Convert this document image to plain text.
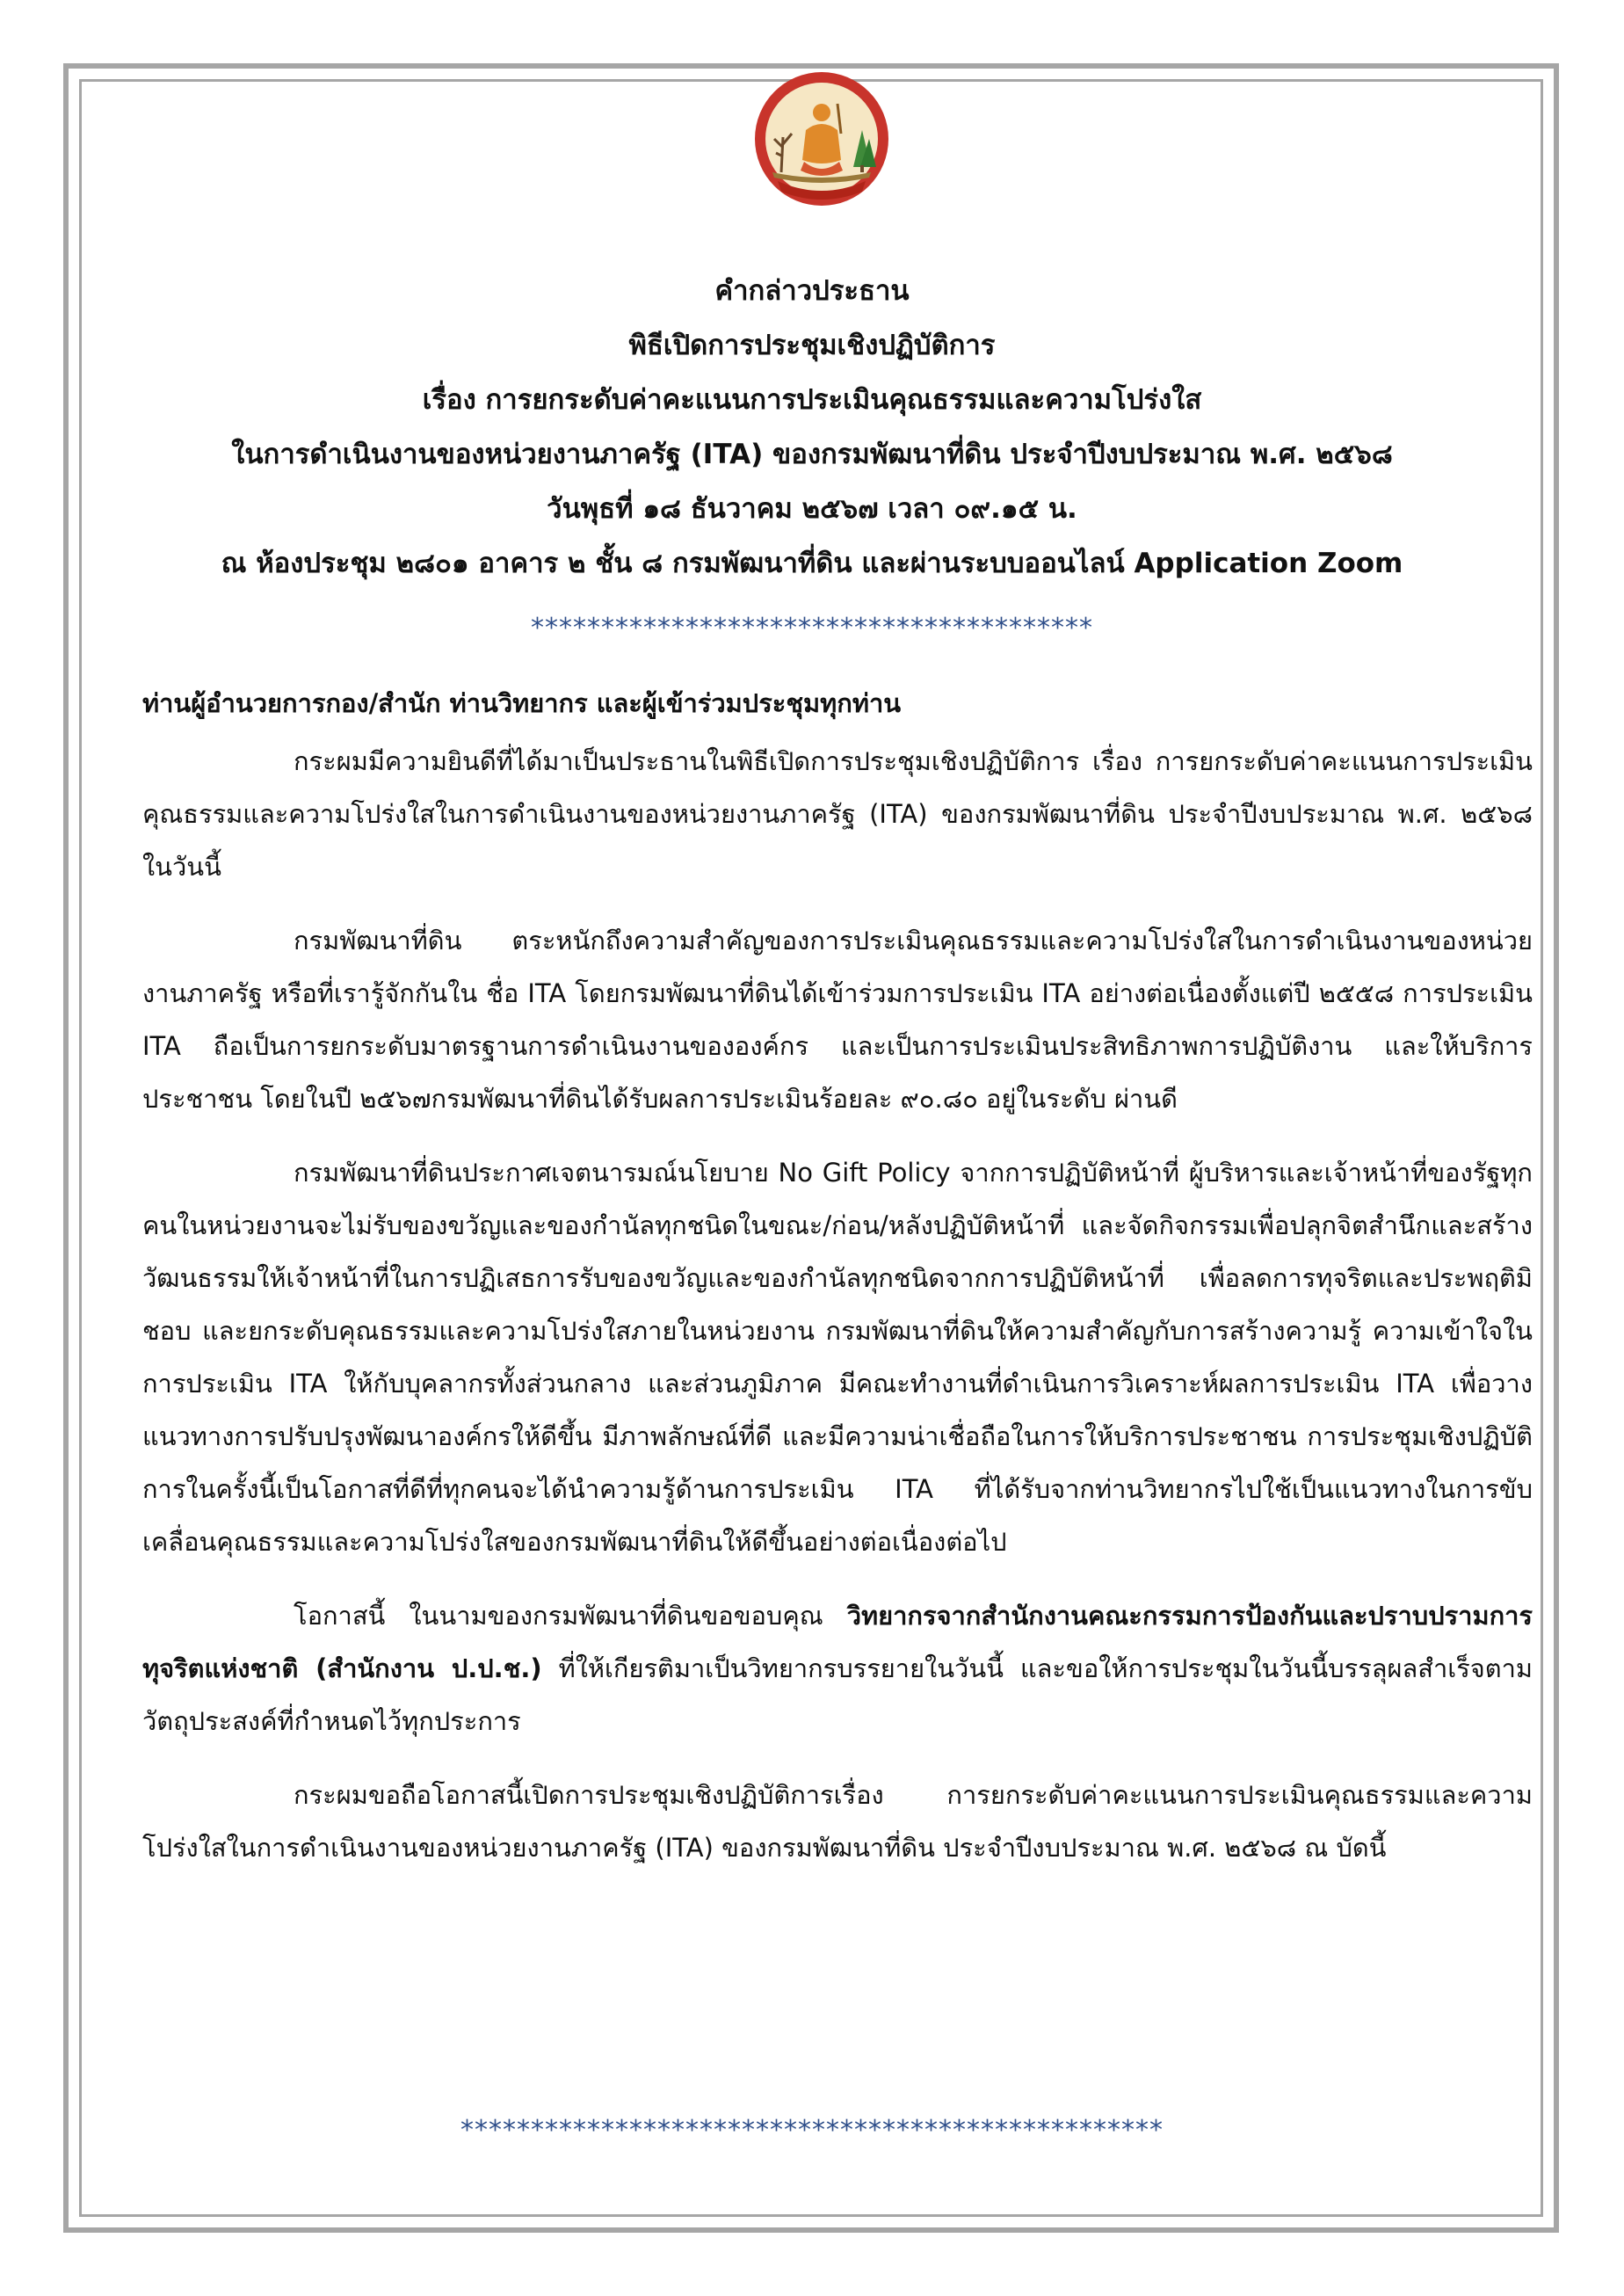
คำกล่าวประธาน
พิธีเปิดการประชุมเชิงปฏิบัติการ
เรื่อง การยกระดับค่าคะแนนการประเมินคุณธรรมและความโปร่งใส
ในการดำเนินงานของหน่วยงานภาครัฐ (ITA) ของกรมพัฒนาที่ดิน ประจำปีงบประมาณ พ.ศ. ๒๕๖๘
วันพุธที่ ๑๘ ธันวาคม ๒๕๖๗ เวลา ๐๙.๑๕ น.
ณ ห้องประชุม ๒๘๐๑ อาคาร ๒ ชั้น ๘ กรมพัฒนาที่ดิน และผ่านระบบออนไลน์ Application Zoom
****************************************

ท่านผู้อำนวยการกอง/สำนัก ท่านวิทยากร และผู้เข้าร่วมประชุมทุกท่าน

กระผมมีความยินดีที่ได้มาเป็นประธานในพิธีเปิดการประชุมเชิงปฏิบัติการ เรื่อง การยกระดับค่าคะแนนการประเมินคุณธรรมและความโปร่งใสในการดำเนินงานของหน่วยงานภาครัฐ (ITA) ของกรมพัฒนาที่ดิน ประจำปีงบประมาณ พ.ศ. ๒๕๖๘ ในวันนี้

กรมพัฒนาที่ดิน ตระหนักถึงความสำคัญของการประเมินคุณธรรมและความโปร่งใสในการดำเนินงานของหน่วยงานภาครัฐ หรือที่เรารู้จักกันใน ชื่อ ITA โดยกรมพัฒนาที่ดินได้เข้าร่วมการประเมิน ITA อย่างต่อเนื่องตั้งแต่ปี ๒๕๕๘ การประเมิน ITA ถือเป็นการยกระดับมาตรฐานการดำเนินงานขององค์กร และเป็นการประเมินประสิทธิภาพการปฏิบัติงาน และให้บริการประชาชน โดยในปี ๒๕๖๗กรมพัฒนาที่ดินได้รับผลการประเมินร้อยละ ๙๐.๘๐ อยู่ในระดับ ผ่านดี

กรมพัฒนาที่ดินประกาศเจตนารมณ์นโยบาย No Gift Policy จากการปฏิบัติหน้าที่ ผู้บริหารและเจ้าหน้าที่ของรัฐทุกคนในหน่วยงานจะไม่รับของขวัญและของกำนัลทุกชนิดในขณะ/ก่อน/หลังปฏิบัติหน้าที่ และจัดกิจกรรมเพื่อปลุกจิตสำนึกและสร้างวัฒนธรรมให้เจ้าหน้าที่ในการปฏิเสธการรับของขวัญและของกำนัลทุกชนิดจากการปฏิบัติหน้าที่ เพื่อลดการทุจริตและประพฤติมิชอบ และยกระดับคุณธรรมและความโปร่งใสภายในหน่วยงาน กรมพัฒนาที่ดินให้ความสำคัญกับการสร้างความรู้ ความเข้าใจในการประเมิน ITA ให้กับบุคลากรทั้งส่วนกลาง และส่วนภูมิภาค มีคณะทำงานที่ดำเนินการวิเคราะห์ผลการประเมิน ITA เพื่อวางแนวทางการปรับปรุงพัฒนาองค์กรให้ดีขึ้น มีภาพลักษณ์ที่ดี และมีความน่าเชื่อถือในการให้บริการประชาชน การประชุมเชิงปฏิบัติการในครั้งนี้เป็นโอกาสที่ดีที่ทุกคนจะได้นำความรู้ด้านการประเมิน ITA ที่ได้รับจากท่านวิทยากรไปใช้เป็นแนวทางในการขับเคลื่อนคุณธรรมและความโปร่งใสของกรมพัฒนาที่ดินให้ดีขึ้นอย่างต่อเนื่องต่อไป

โอกาสนี้ ในนามของกรมพัฒนาที่ดินขอขอบคุณ วิทยากรจากสำนักงานคณะกรรมการป้องกันและปราบปรามการทุจริตแห่งชาติ (สำนักงาน ป.ป.ช.) ที่ให้เกียรติมาเป็นวิทยากรบรรยายในวันนี้ และขอให้การประชุมในวันนี้บรรลุผลสำเร็จตามวัตถุประสงค์ที่กำหนดไว้ทุกประการ

กระผมขอถือโอกาสนี้เปิดการประชุมเชิงปฏิบัติการเรื่อง การยกระดับค่าคะแนนการประเมินคุณธรรมและความโปร่งใสในการดำเนินงานของหน่วยงานภาครัฐ (ITA) ของกรมพัฒนาที่ดิน ประจำปีงบประมาณ พ.ศ. ๒๕๖๘ ณ บัดนี้

**************************************************
